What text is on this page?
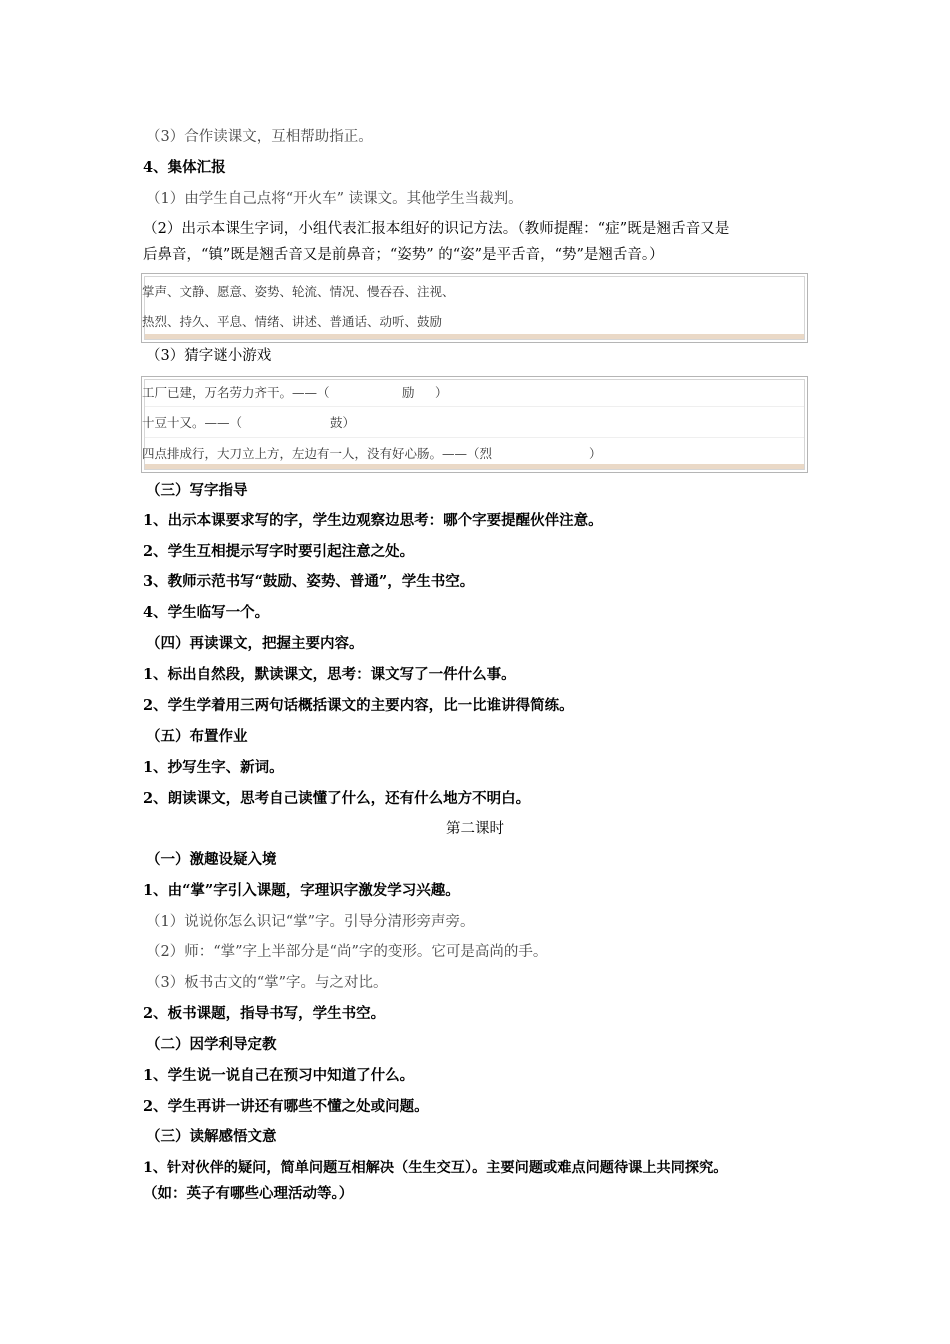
（3）合作读课文，互相帮助指正。
4、集体汇报
（1）由学生自己点将“开火车” 读课文。其他学生当裁判。
（2）出示本课生字词，小组代表汇报本组好的识记方法。（教师提醒：“症”既是翘舌音又是
后鼻音，“镇”既是翘舌音又是前鼻音；“姿势” 的“姿”是平舌音，“势”是翘舌音。）
掌声、文静、愿意、姿势、轮流、情况、慢吞吞、注视、
热烈、持久、平息、情绪、讲述、普通话、动听、鼓励
（3）猜字谜小游戏
工厂已建，万名劳力齐干。——（	励 ）
十豆十又。——（	鼓）
四点排成行，大刀立上方，左边有一人，没有好心肠。——（烈	）
（三）写字指导
1、出示本课要求写的字，学生边观察边思考：哪个字要提醒伙伴注意。
2、学生互相提示写字时要引起注意之处。
3、教师示范书写“鼓励、姿势、普通”，学生书空。
4、学生临写一个。
（四）再读课文，把握主要内容。
1、标出自然段，默读课文，思考：课文写了一件什么事。
2、学生学着用三两句话概括课文的主要内容，比一比谁讲得简练。
（五）布置作业
1、抄写生字、新词。
2、朗读课文，思考自己读懂了什么，还有什么地方不明白。
第二课时
（一）激趣设疑入境
1、由“掌”字引入课题，字理识字激发学习兴趣。
（1）说说你怎么识记“掌”字。引导分清形旁声旁。
（2）师：“掌”字上半部分是“尚”字的变形。它可是高尚的手。
（3）板书古文的“掌”字。与之对比。
2、板书课题，指导书写，学生书空。
（二）因学利导定教
1、学生说一说自己在预习中知道了什么。
2、学生再讲一讲还有哪些不懂之处或问题。
（三）读解感悟文意
1、针对伙伴的疑问，简单问题互相解决（生生交互）。主要问题或难点问题待课上共同探究。
（如：英子有哪些心理活动等。）
